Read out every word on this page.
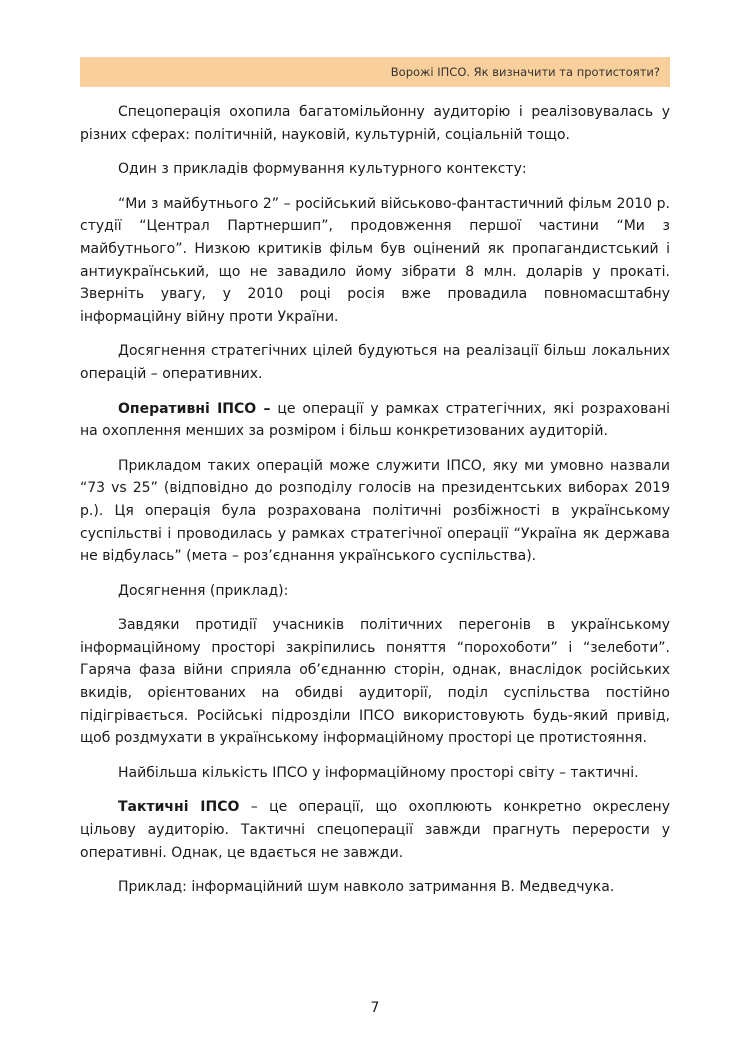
Ворожі ІПСО. Як визначити та протистояти?

Спецоперація охопила багатомільйонну аудиторію і реалізовувалась у різних сферах: політичній, науковій, культурній, соціальній тощо.

Один з прикладів формування культурного контексту:

“Ми з майбутнього 2” – російський військово-фантастичний фільм 2010 р. студії “Централ Партнершип”, продовження першої частини “Ми з майбутнього”. Низкою критиків фільм був оцінений як пропагандистський і антиукраїнський, що не завадило йому зібрати 8 млн. доларів у прокаті. Зверніть увагу, у 2010 році росія вже провадила повномасштабну інформаційну війну проти України.

Досягнення стратегічних цілей будуються на реалізації більш локальних операцій – оперативних.

Оперативні ІПСО – це операції у рамках стратегічних, які розраховані на охоплення менших за розміром і більш конкретизованих аудиторій.

Прикладом таких операцій може служити ІПСО, яку ми умовно назвали “73 vs 25” (відповідно до розподілу голосів на президентських виборах 2019 р.). Ця операція була розрахована політичні розбіжності в українському суспільстві і проводилась у рамках стратегічної операції “Україна як держава не відбулась” (мета – роз’єднання українського суспільства).

Досягнення (приклад):

Завдяки протидії учасників політичних перегонів в українському інформаційному просторі закріпились поняття “порохоботи” і “зелеботи”. Гаряча фаза війни сприяла об’єднанню сторін, однак, внаслідок російських вкидів, орієнтованих на обидві аудиторії, поділ суспільства постійно підігрівається. Російські підрозділи ІПСО використовують будь-який привід, щоб роздмухати в українському інформаційному просторі це протистояння.

Найбільша кількість ІПСО у інформаційному просторі світу – тактичні.

Тактичні ІПСО – це операції, що охоплюють конкретно окреслену цільову аудиторію. Тактичні спецоперації завжди прагнуть перерости у оперативні. Однак, це вдається не завжди.

Приклад: інформаційний шум навколо затримання В. Медведчука.

7
